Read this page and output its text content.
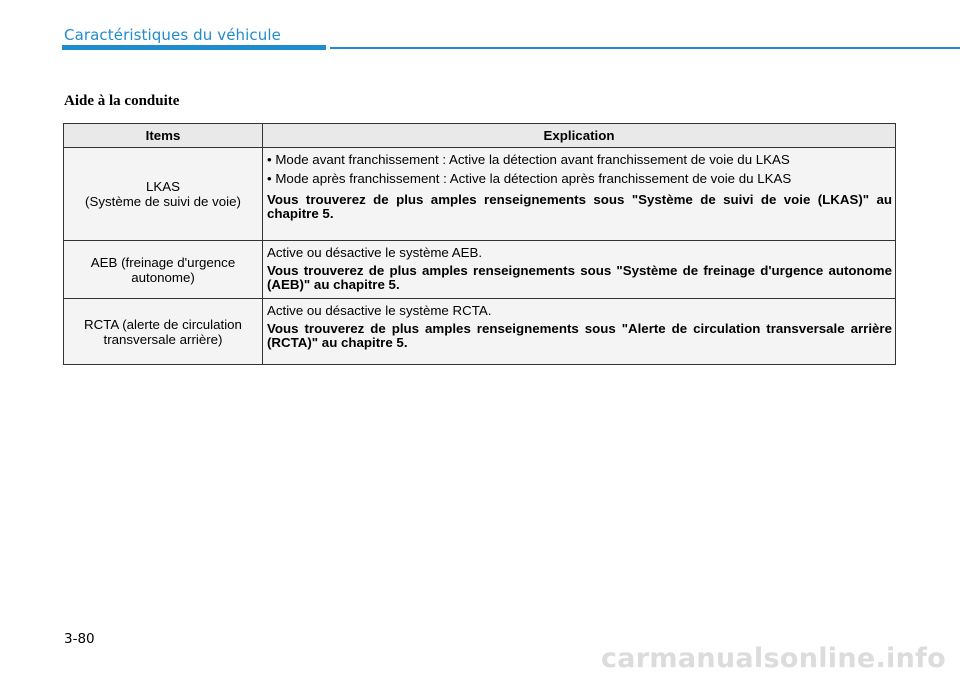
Caractéristiques du véhicule
Aide à la conduite
Items	Explication
LKAS
(Système de suivi de voie)	• Mode avant franchissement : Active la détection avant franchissement de voie du LKAS
• Mode après franchissement : Active la détection après franchissement de voie du LKAS
Vous trouverez de plus amples renseignements sous "Système de suivi de voie (LKAS)" au chapitre 5.

AEB (freinage d'urgence
autonome)	Active ou désactive le système AEB.
Vous trouverez de plus amples renseignements sous "Système de freinage d'urgence autonome (AEB)" au chapitre 5.

RCTA (alerte de circulation
transversale arrière)	Active ou désactive le système RCTA.
Vous trouverez de plus amples renseignements sous "Alerte de circulation transversale arrière (RCTA)" au chapitre 5.
3-80
carmanualsonline.info
